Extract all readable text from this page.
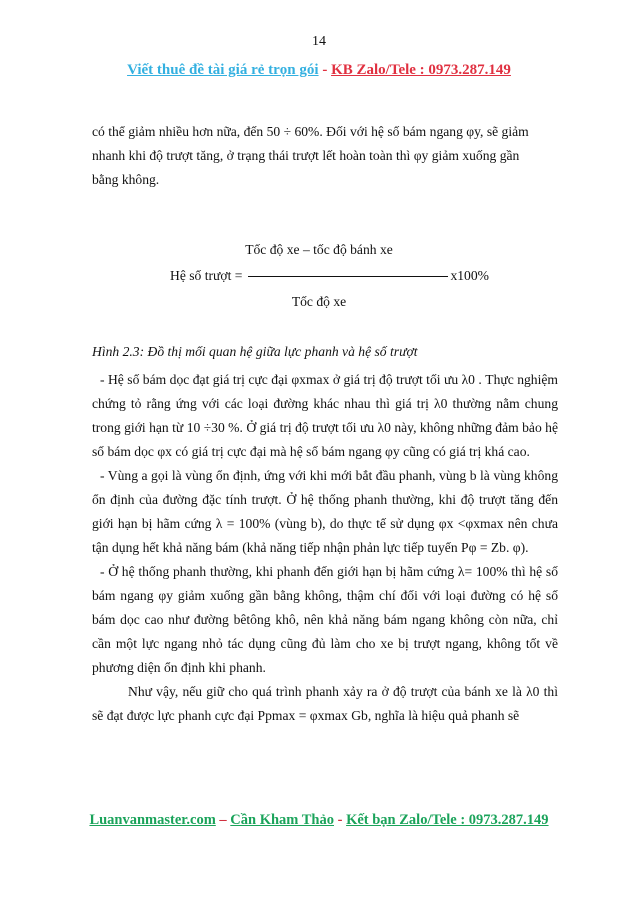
14
Viết thuê đề tài giá rẻ trọn gói - KB Zalo/Tele : 0973.287.149

có thể giảm nhiều hơn nữa, đến 50 ÷ 60%. Đối với hệ số bám ngang φy, sẽ giảm

nhanh khi độ trượt tăng, ở trạng thái trượt lết hoàn toàn thì φy giảm xuống gần

bằng không.

Tốc độ xe – tốc độ bánh xe
Hệ số trượt =	x100%
Tốc độ xe
Hình 2.3: Đồ thị mối quan hệ giữa lực phanh và hệ số trượt

- Hệ số bám dọc đạt giá trị cực đại φxmax ở giá trị độ trượt tối ưu λ0 . Thực nghiệm chứng tỏ rằng ứng với các loại đường khác nhau thì giá trị λ0 thường nằm chung trong giới hạn từ 10 ÷30 %. Ở giá trị độ trượt tối ưu λ0 này, không những đảm bảo hệ số bám dọc φx có giá trị cực đại mà hệ số bám ngang φy cũng có giá trị khá cao.

- Vùng a gọi là vùng ổn định, ứng với khi mới bắt đầu phanh, vùng b là vùng không ổn định của đường đặc tính trượt. Ở hệ thống phanh thường, khi độ trượt tăng đến giới hạn bị hãm cứng λ = 100% (vùng b), do thực tế sử dụng φx <φxmax nên chưa tận dụng hết khả năng bám (khả năng tiếp nhận phản lực tiếp tuyến Pφ = Zb. φ).

- Ở hệ thống phanh thường, khi phanh đến giới hạn bị hãm cứng λ= 100% thì hệ số bám ngang φy giảm xuống gần bằng không, thậm chí đối với loại đường có hệ số bám dọc cao như đường bêtông khô, nên khả năng bám ngang không còn nữa, chỉ cần một lực ngang nhỏ tác dụng cũng đủ làm cho xe bị trượt ngang, không tốt về phương diện ổn định khi phanh.

Như vậy, nếu giữ cho quá trình phanh xảy ra ở độ trượt của bánh xe là λ0 thì sẽ đạt được lực phanh cực đại Ppmax = φxmax Gb, nghĩa là hiệu quả phanh sẽ

Luanvanmaster.com – Cần Kham Thảo - Kết bạn Zalo/Tele : 0973.287.149
